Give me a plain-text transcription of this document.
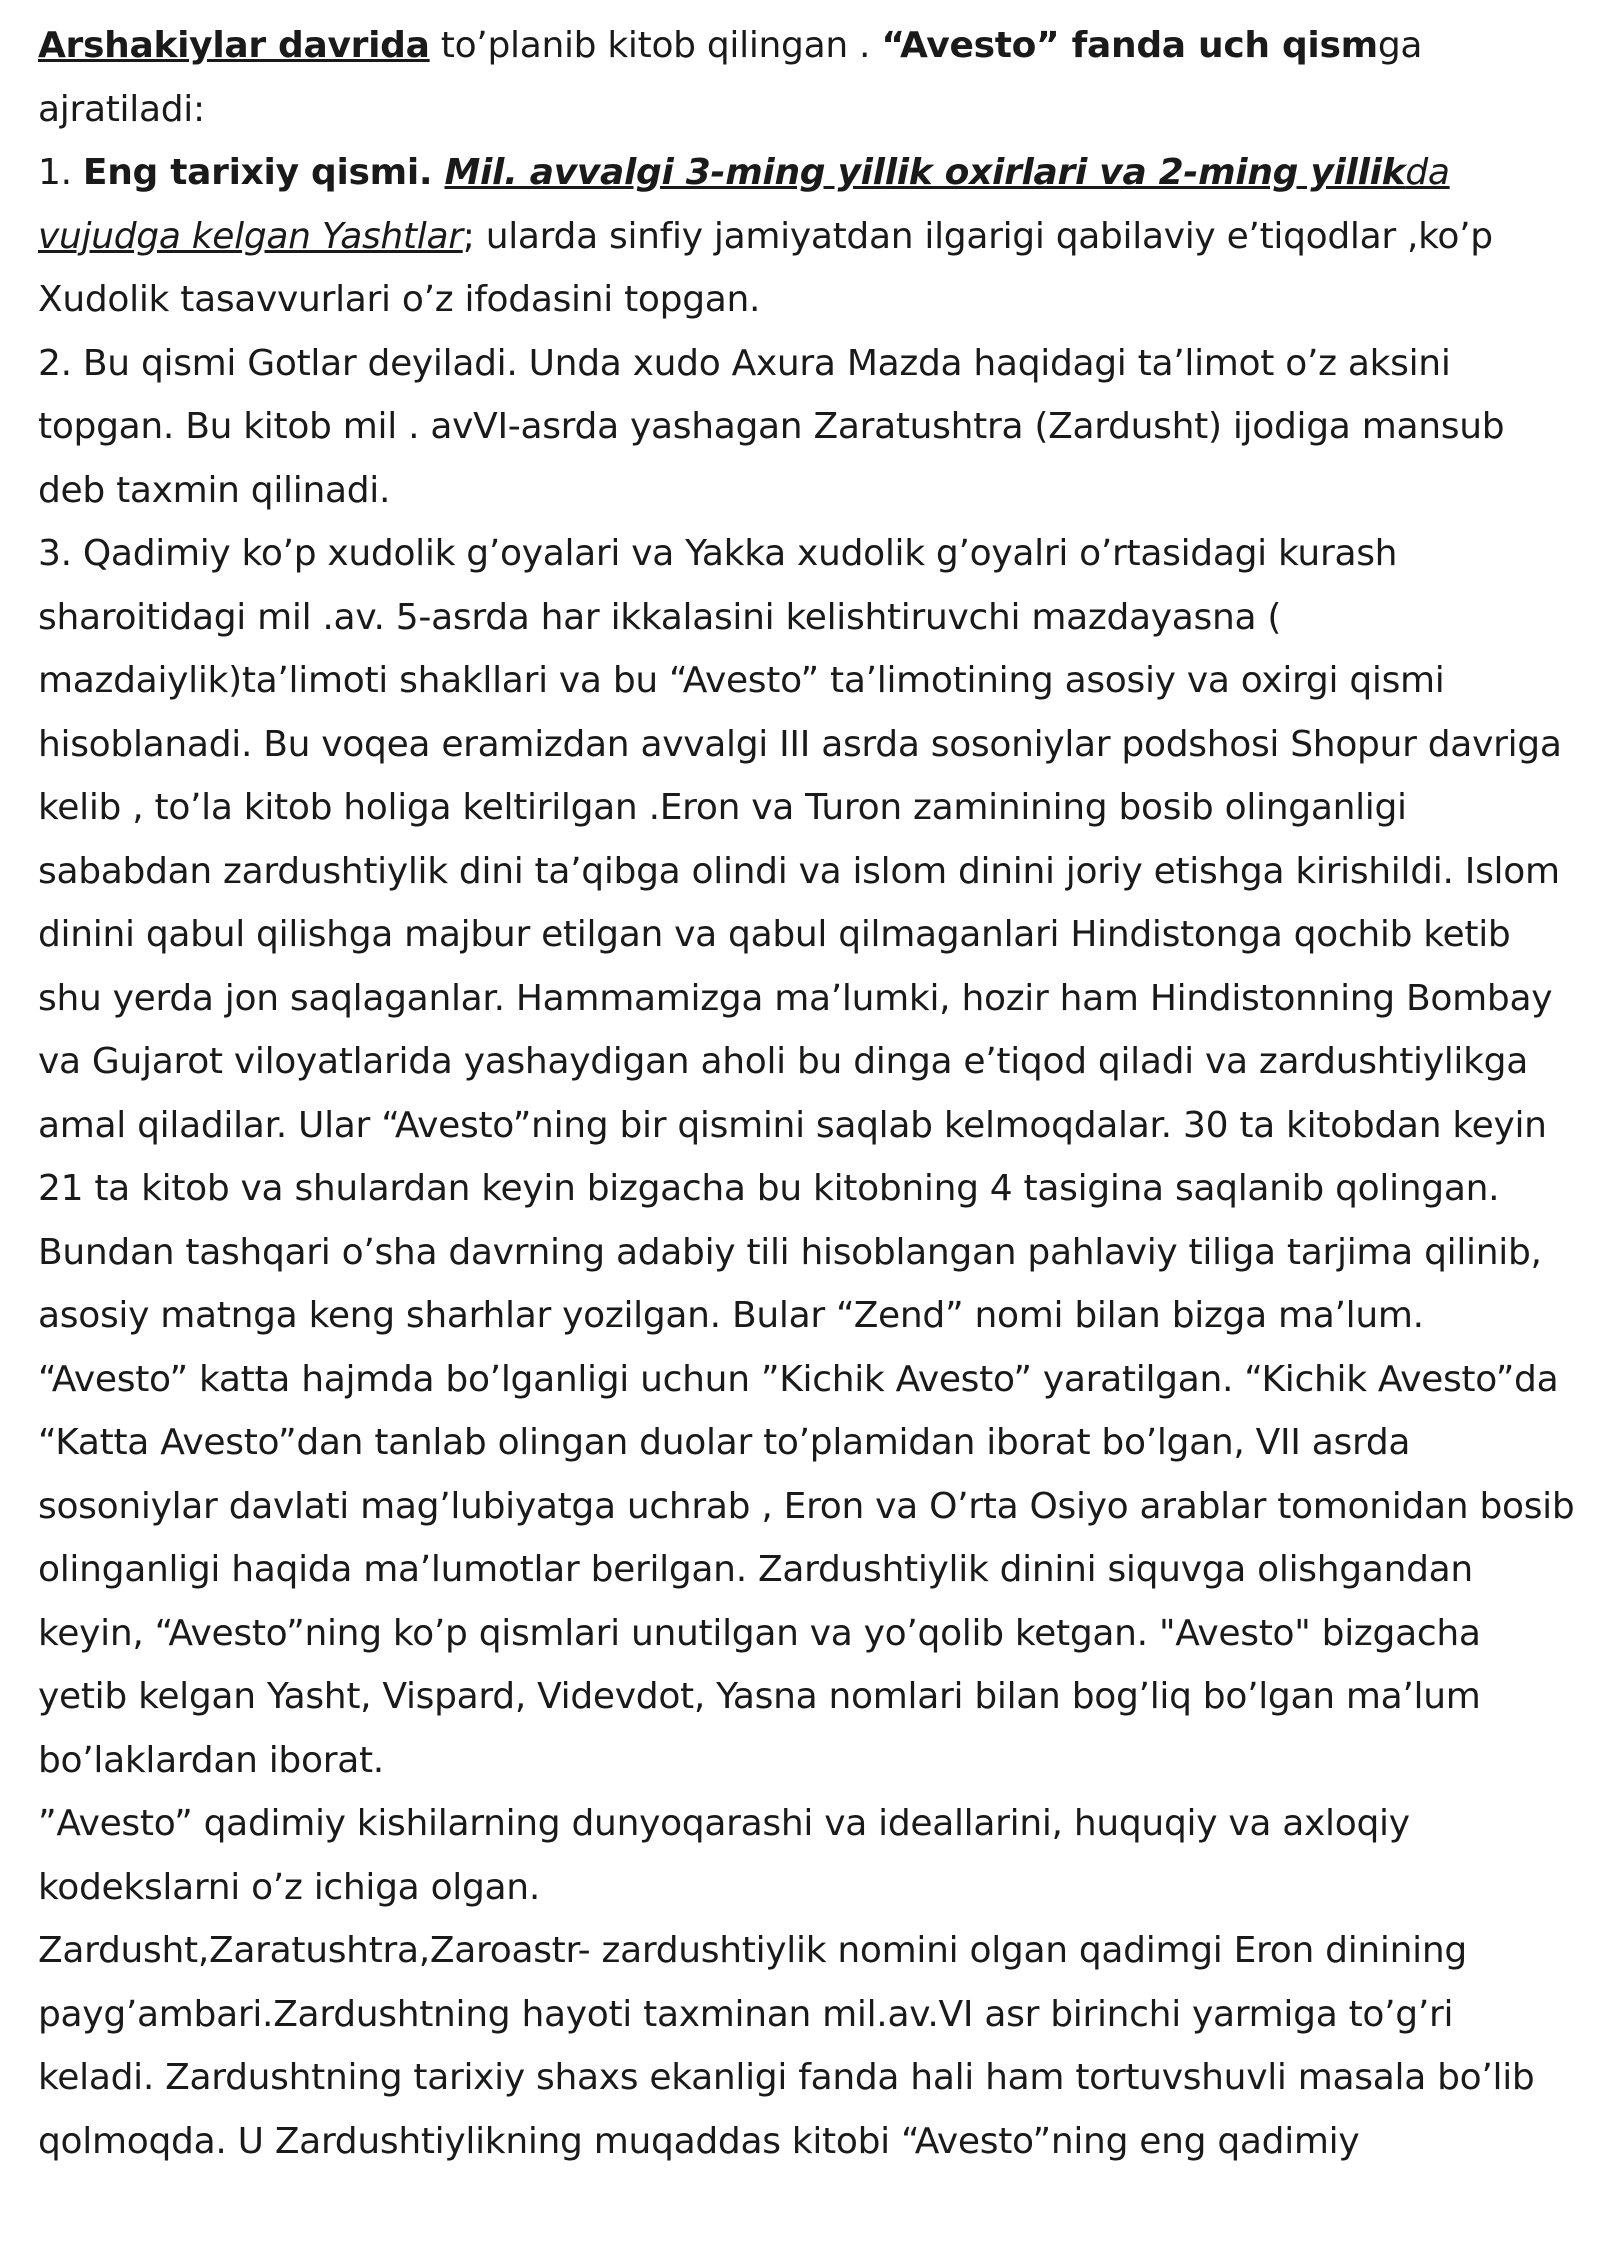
Arshakiylar davrida to’planib kitob qilingan . “Avesto” fanda uch qismga ajratiladi:

1. Eng tarixiy qismi. Mil. avvalgi 3-ming yillik oxirlari va 2-ming yillikda vujudga kelgan Yashtlar; ularda sinfiy jamiyatdan ilgarigi qabilaviy e’tiqodlar ,ko’p Xudolik tasavvurlari o’z ifodasini topgan.

2. Bu qismi Gotlar deyiladi. Unda xudo Axura Mazda haqidagi ta’limot o’z aksini topgan. Bu kitob mil . avVI-asrda yashagan Zaratushtra (Zardusht) ijodiga mansub deb taxmin qilinadi.

3. Qadimiy ko’p xudolik g’oyalari va Yakka xudolik g’oyalri o’rtasidagi kurash sharoitidagi mil .av. 5-asrda har ikkalasini kelishtiruvchi mazdayasna ( mazdaiylik)ta’limoti shakllari va bu “Avesto” ta’limotining asosiy va oxirgi qismi hisoblanadi. Bu voqea eramizdan avvalgi III asrda sosoniylar podshosi Shopur davriga kelib , to’la kitob holiga keltirilgan .Eron va Turon zaminining bosib olinganligi sababdan zardushtiylik dini ta’qibga olindi va islom dinini joriy etishga kirishildi. Islom dinini qabul qilishga majbur etilgan va qabul qilmaganlari Hindistonga qochib ketib shu yerda jon saqlaganlar. Hammamizga ma’lumki, hozir ham Hindistonning Bombay va Gujarot viloyatlarida yashaydigan aholi bu dinga e’tiqod qiladi va zardushtiylikga amal qiladilar. Ular “Avesto”ning bir qismini saqlab kelmoqdalar. 30 ta kitobdan keyin 21 ta kitob va shulardan keyin bizgacha bu kitobning 4 tasigina saqlanib qolingan. Bundan tashqari o’sha davrning adabiy tili hisoblangan pahlaviy tiliga tarjima qilinib, asosiy matnga keng sharhlar yozilgan. Bular “Zend” nomi bilan bizga ma’lum. “Avesto” katta hajmda bo’lganligi uchun ”Kichik Avesto” yaratilgan. “Kichik Avesto”da “Katta Avesto”dan tanlab olingan duolar to’plamidan iborat bo’lgan, VII asrda sosoniylar davlati mag’lubiyatga uchrab , Eron va O’rta Osiyo arablar tomonidan bosib olinganligi haqida ma’lumotlar berilgan. Zardushtiylik dinini siquvga olishgandan keyin, “Avesto”ning ko’p qismlari unutilgan va yo’qolib ketgan. "Avesto" bizgacha yetib kelgan Yasht, Vispard, Videvdot, Yasna nomlari bilan bog’liq bo’lgan ma’lum bo’laklardan iborat.

”Avesto” qadimiy kishilarning dunyoqarashi va ideallarini, huquqiy va axloqiy kodekslarni o’z ichiga olgan.

Zardusht,Zaratushtra,Zaroastr- zardushtiylik nomini olgan qadimgi Eron dinining payg’ambari.Zardushtning hayoti taxminan mil.av.VI asr birinchi yarmiga to’g’ri keladi. Zardushtning tarixiy shaxs ekanligi fanda hali ham tortuvshuvli masala bo’lib qolmoqda. U Zardushtiylikning muqaddas kitobi “Avesto”ning eng qadimiy
